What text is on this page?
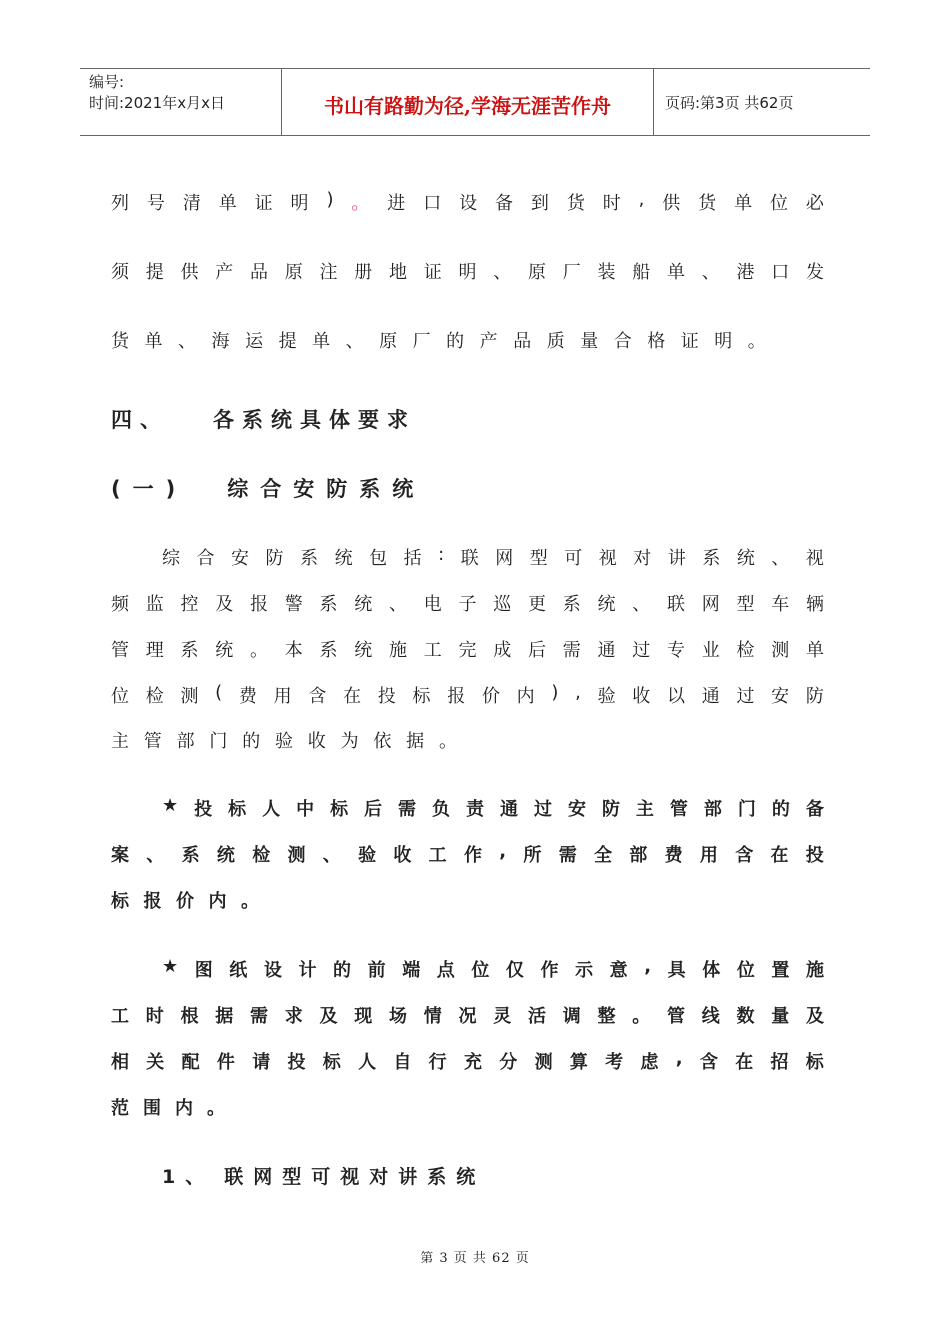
编号:
时间:2021年x月x日	书山有路勤为径,学海无涯苦作舟	页码:第3页 共62页
列 号 清 单 证 明 ) 。 进 口 设 备 到 货 时 , 供 货 单 位 必
须 提 供 产 品 原 注 册 地 证 明 、 原 厂 装 船 单 、 港 口 发
货 单 、 海 运 提 单 、 原 厂 的 产 品 质 量 合 格 证 明 。
四、 各系统具体要求
(一) 综合安防系统
综 合 安 防 系 统 包 括 : 联 网 型 可 视 对 讲 系 统 、 视
频 监 控 及 报 警 系 统 、 电 子 巡 更 系 统 、 联 网 型 车 辆
管 理 系 统 。 本 系 统 施 工 完 成 后 需 通 过 专 业 检 测 单
位 检 测 ( 费 用 含 在 投 标 报 价 内 ) , 验 收 以 通 过 安 防
主 管 部 门 的 验 收 为 依 据 。
★ 投 标 人 中 标 后 需 负 责 通 过 安 防 主 管 部 门 的 备
案 、 系 统 检 测 、 验 收 工 作 , 所 需 全 部 费 用 含 在 投
标 报 价 内 。
★ 图 纸 设 计 的 前 端 点 位 仅 作 示 意 , 具 体 位 置 施
工 时 根 据 需 求 及 现 场 情 况 灵 活 调 整 。 管 线 数 量 及
相 关 配 件 请 投 标 人 自 行 充 分 测 算 考 虑 , 含 在 招 标
范 围 内 。
1、 联网型可视对讲系统
第 3 页 共 62 页
